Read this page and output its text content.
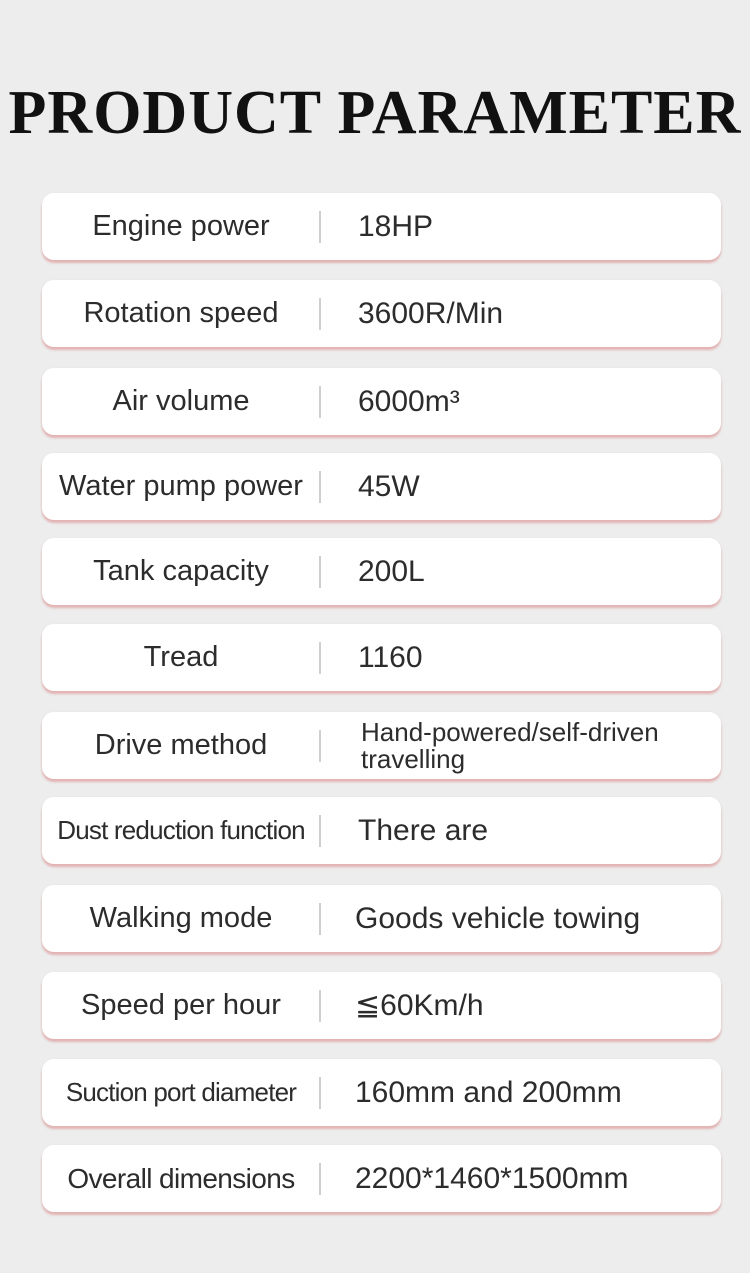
PRODUCT PARAMETER
Engine power	18HP
Rotation speed	3600R/Min
Air volume	6000m³
Water pump power	45W
Tank capacity	200L
Tread	1160
Drive method	Hand-powered/self-driven travelling
Dust reduction function	There are
Walking mode	Goods vehicle towing
Speed per hour	≦60Km/h
Suction port diameter	160mm and 200mm
Overall dimensions	2200*1460*1500mm
